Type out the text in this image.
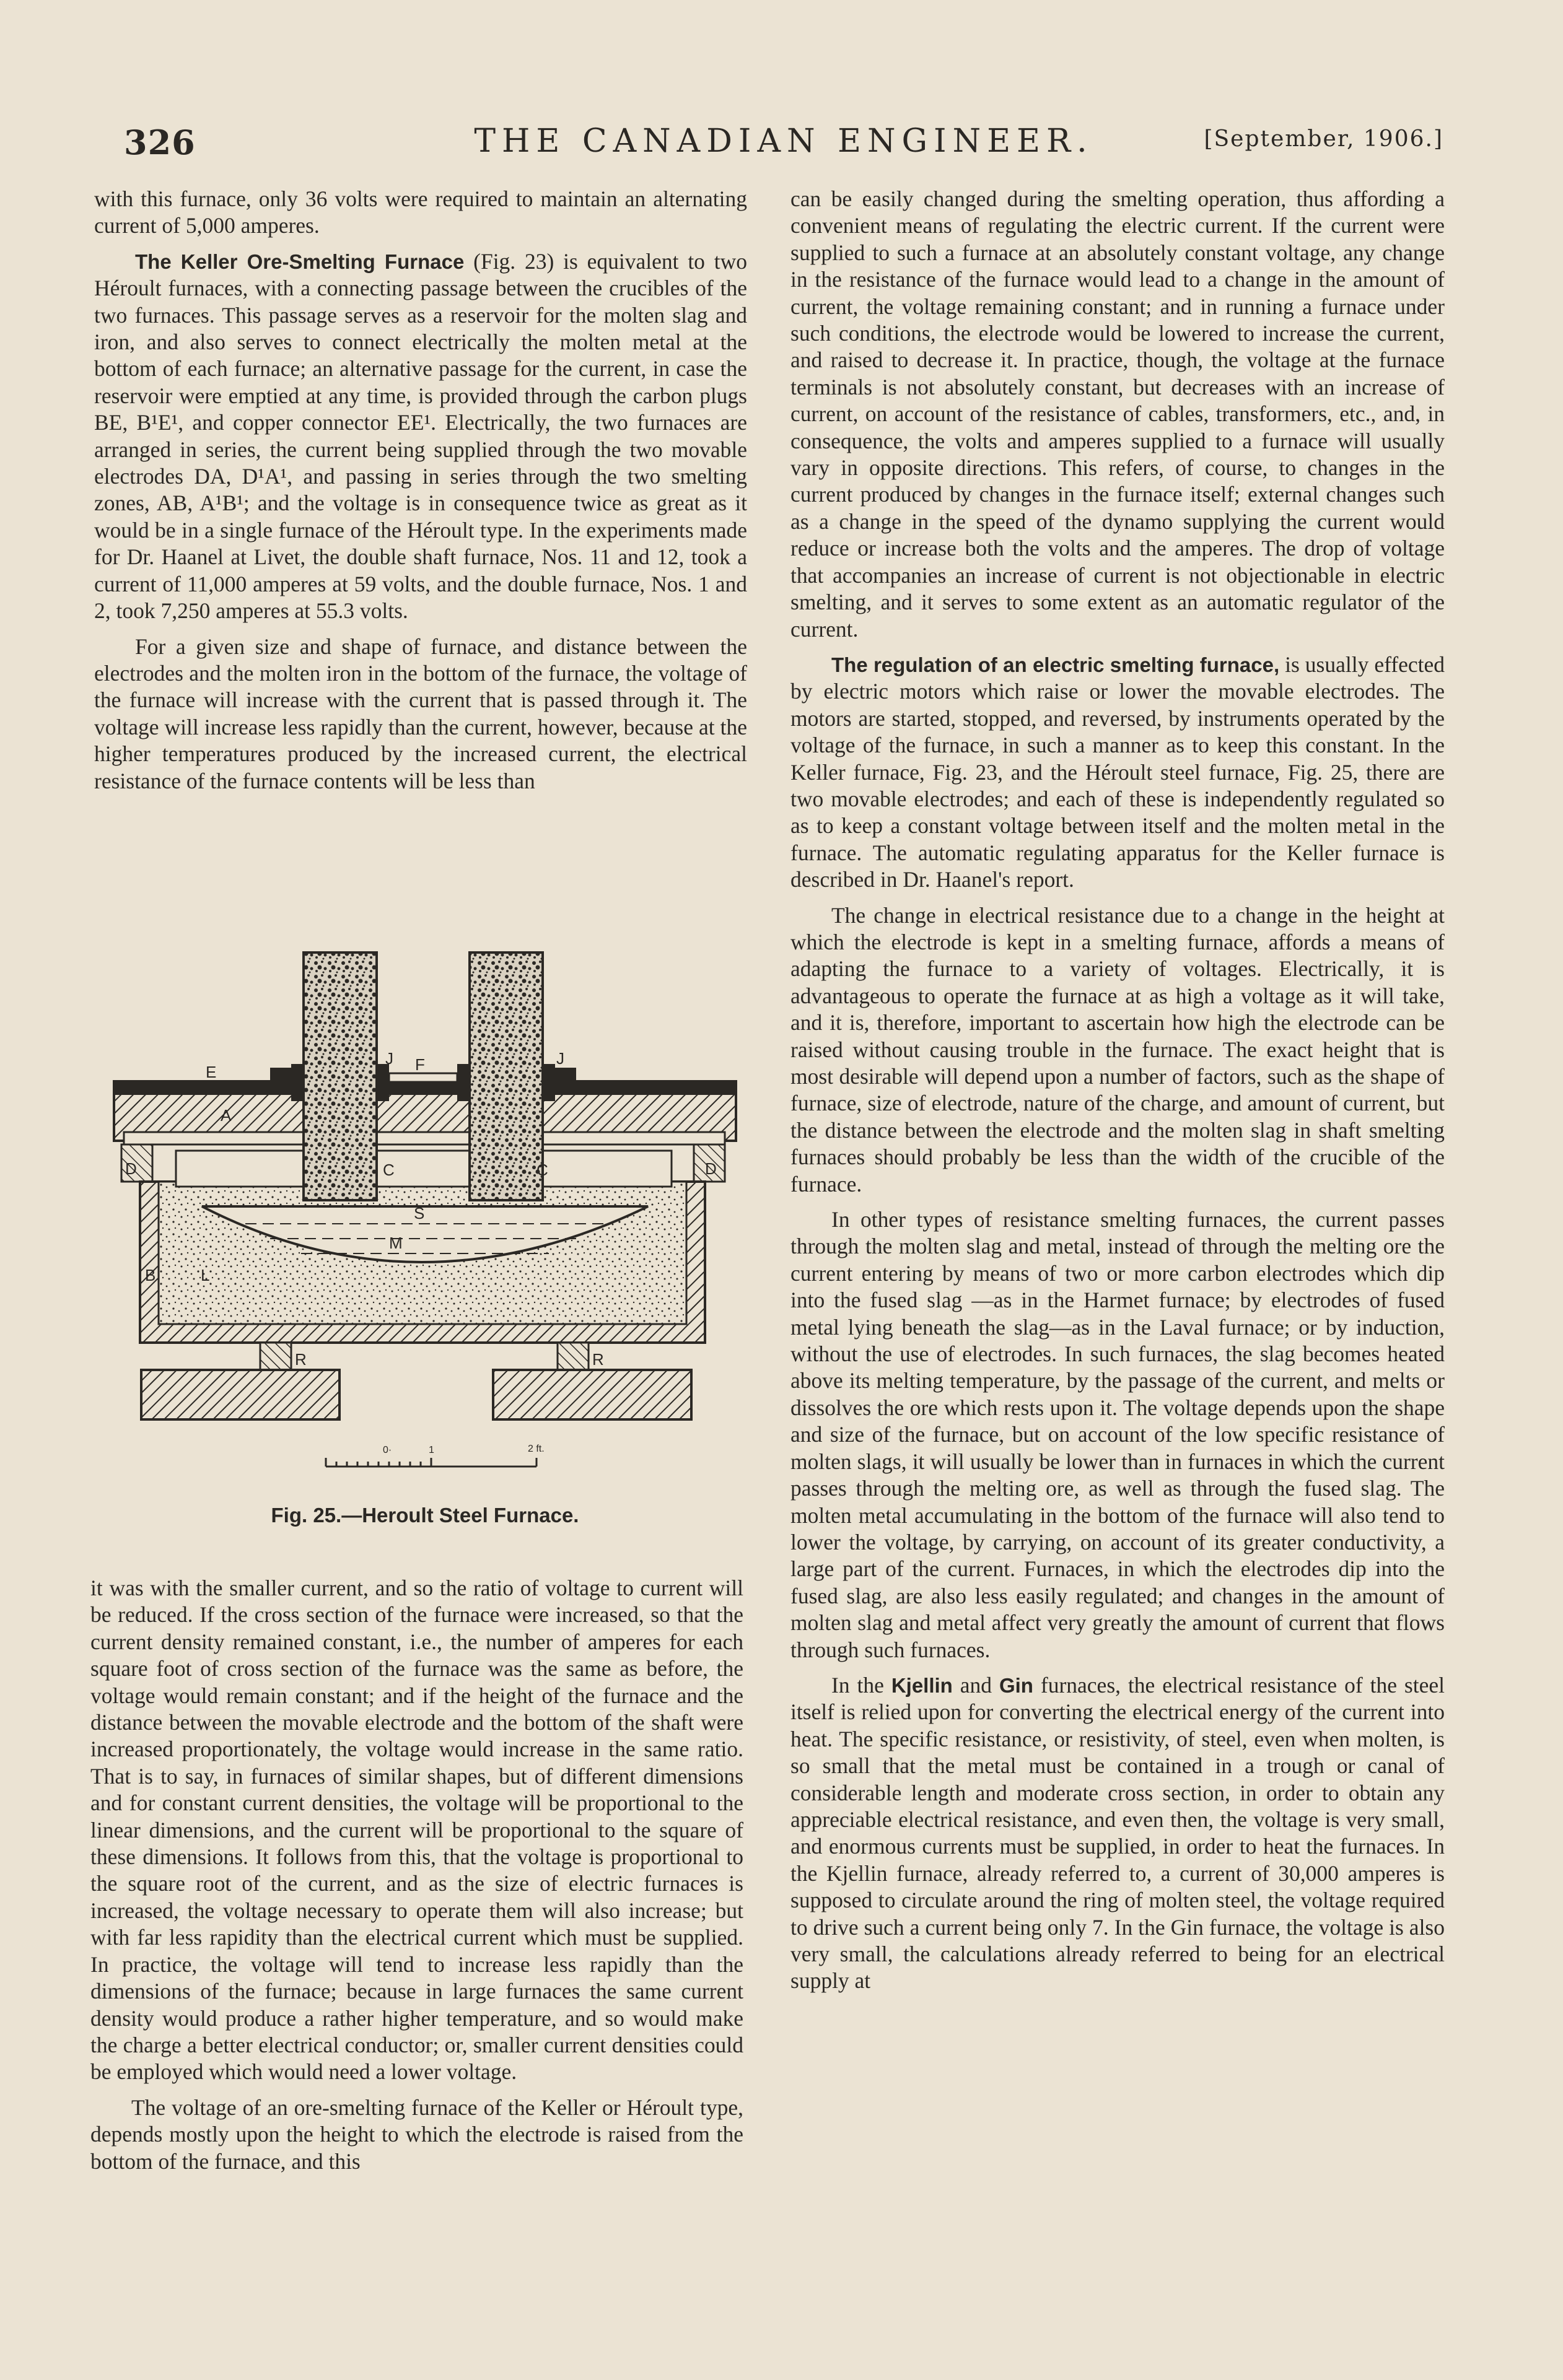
326	THE CANADIAN ENGINEER.	[September, 1906.]

with this furnace, only 36 volts were required to maintain an alternating current of 5,000 amperes.

The Keller Ore-Smelting Furnace (Fig. 23) is equivalent to two Héroult furnaces, with a connecting passage between the crucibles of the two furnaces. This passage serves as a reservoir for the molten slag and iron, and also serves to connect electrically the molten metal at the bottom of each furnace; an alternative passage for the current, in case the reservoir were emptied at any time, is provided through the carbon plugs BE, B¹E¹, and copper connector EE¹. Electrically, the two furnaces are arranged in series, the current being supplied through the two movable electrodes DA, D¹A¹, and passing in series through the two smelting zones, AB, A¹B¹; and the voltage is in consequence twice as great as it would be in a single furnace of the Héroult type. In the experiments made for Dr. Haanel at Livet, the double shaft furnace, Nos. 11 and 12, took a current of 11,000 amperes at 59 volts, and the double furnace, Nos. 1 and 2, took 7,250 amperes at 55.3 volts.

For a given size and shape of furnace, and distance between the electrodes and the molten iron in the bottom of the furnace, the voltage of the furnace will increase with the current that is passed through it. The voltage will increase less rapidly than the current, however, because at the higher temperatures produced by the increased current, the electrical resistance of the furnace contents will be less than

E
A
F
J	J
C	C
S
M
L
B
R	R
D	D
0·	1	2 ft.
Fig. 25.—Heroult Steel Furnace.

it was with the smaller current, and so the ratio of voltage to current will be reduced. If the cross section of the furnace were increased, so that the current density remained constant, i.e., the number of amperes for each square foot of cross section of the furnace was the same as before, the voltage would remain constant; and if the height of the furnace and the distance between the movable electrode and the bottom of the shaft were increased proportionately, the voltage would increase in the same ratio. That is to say, in furnaces of similar shapes, but of different dimensions and for constant current densities, the voltage will be proportional to the linear dimensions, and the current will be proportional to the square of these dimensions. It follows from this, that the voltage is proportional to the square root of the current, and as the size of electric furnaces is increased, the voltage necessary to operate them will also increase; but with far less rapidity than the electrical current which must be supplied. In practice, the voltage will tend to increase less rapidly than the dimensions of the furnace; because in large furnaces the same current density would produce a rather higher temperature, and so would make the charge a better electrical conductor; or, smaller current densities could be employed which would need a lower voltage.

The voltage of an ore-smelting furnace of the Keller or Héroult type, depends mostly upon the height to which the electrode is raised from the bottom of the furnace, and this

can be easily changed during the smelting operation, thus affording a convenient means of regulating the electric current. If the current were supplied to such a furnace at an absolutely constant voltage, any change in the resistance of the furnace would lead to a change in the amount of current, the voltage remaining constant; and in running a furnace under such conditions, the electrode would be lowered to increase the current, and raised to decrease it. In practice, though, the voltage at the furnace terminals is not absolutely constant, but decreases with an increase of current, on account of the resistance of cables, transformers, etc., and, in consequence, the volts and amperes supplied to a furnace will usually vary in opposite directions. This refers, of course, to changes in the current produced by changes in the furnace itself; external changes such as a change in the speed of the dynamo supplying the current would reduce or increase both the volts and the amperes. The drop of voltage that accompanies an increase of current is not objectionable in electric smelting, and it serves to some extent as an automatic regulator of the current.

The regulation of an electric smelting furnace, is usually effected by electric motors which raise or lower the movable electrodes. The motors are started, stopped, and reversed, by instruments operated by the voltage of the furnace, in such a manner as to keep this constant. In the Keller furnace, Fig. 23, and the Héroult steel furnace, Fig. 25, there are two movable electrodes; and each of these is independently regulated so as to keep a constant voltage between itself and the molten metal in the furnace. The automatic regulating apparatus for the Keller furnace is described in Dr. Haanel's report.

The change in electrical resistance due to a change in the height at which the electrode is kept in a smelting furnace, affords a means of adapting the furnace to a variety of voltages. Electrically, it is advantageous to operate the furnace at as high a voltage as it will take, and it is, therefore, important to ascertain how high the electrode can be raised without causing trouble in the furnace. The exact height that is most desirable will depend upon a number of factors, such as the shape of furnace, size of electrode, nature of the charge, and amount of current, but the distance between the electrode and the molten slag in shaft smelting furnaces should probably be less than the width of the crucible of the furnace.

In other types of resistance smelting furnaces, the current passes through the molten slag and metal, instead of through the melting ore the current entering by means of two or more carbon electrodes which dip into the fused slag —as in the Harmet furnace; by electrodes of fused metal lying beneath the slag—as in the Laval furnace; or by induction, without the use of electrodes. In such furnaces, the slag becomes heated above its melting temperature, by the passage of the current, and melts or dissolves the ore which rests upon it. The voltage depends upon the shape and size of the furnace, but on account of the low specific resistance of molten slags, it will usually be lower than in furnaces in which the current passes through the melting ore, as well as through the fused slag. The molten metal accumulating in the bottom of the furnace will also tend to lower the voltage, by carrying, on account of its greater conductivity, a large part of the current. Furnaces, in which the electrodes dip into the fused slag, are also less easily regulated; and changes in the amount of molten slag and metal affect very greatly the amount of current that flows through such furnaces.

In the Kjellin and Gin furnaces, the electrical resistance of the steel itself is relied upon for converting the electrical energy of the current into heat. The specific resistance, or resistivity, of steel, even when molten, is so small that the metal must be contained in a trough or canal of considerable length and moderate cross section, in order to obtain any appreciable electrical resistance, and even then, the voltage is very small, and enormous currents must be supplied, in order to heat the furnaces. In the Kjellin furnace, already referred to, a current of 30,000 amperes is supposed to circulate around the ring of molten steel, the voltage required to drive such a current being only 7. In the Gin furnace, the voltage is also very small, the calculations already referred to being for an electrical supply at
